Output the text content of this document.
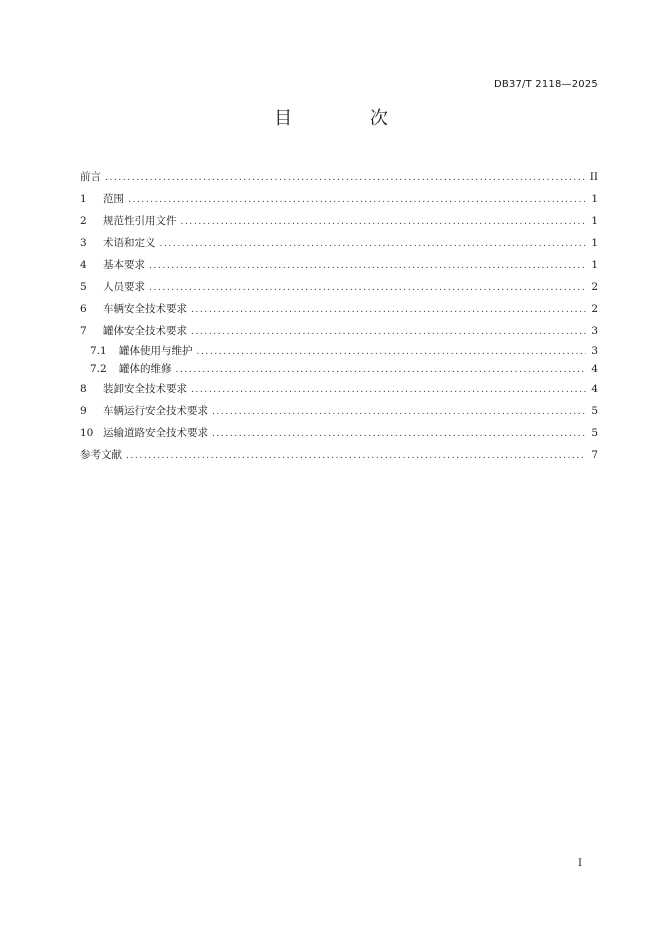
DB37/T 2118—2025
目 次
前言 .....	II
1	范围 .....	1
2	规范性引用文件 .....	1
3	术语和定义 .....	1
4	基本要求 .....	1
5	人员要求 .....	2
6	车辆安全技术要求 .....	2
7	罐体安全技术要求 .....	3
7.1	罐体使用与维护 .....	3
7.2	罐体的维修 .....	4
8	装卸安全技术要求 .....	4
9	车辆运行安全技术要求 .....	5
10 运输道路安全技术要求 .....	5
参考文献 .....	7
I
